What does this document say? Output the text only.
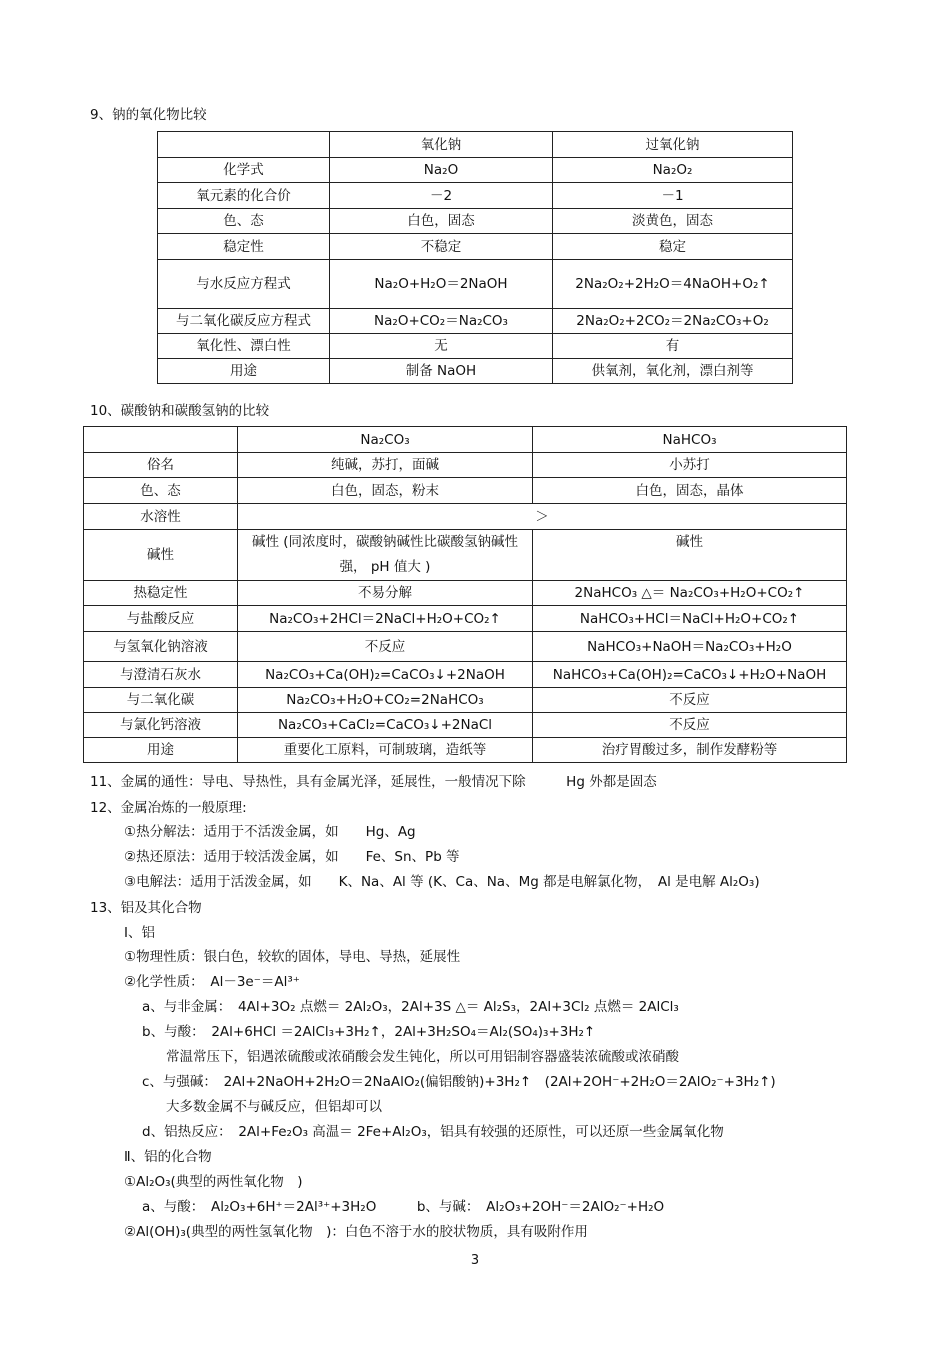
9、钠的氧化物比较
	氧化钠	过氧化钠
化学式	Na₂O	Na₂O₂
氧元素的化合价	－2	－1
色、态	白色，固态	淡黄色，固态
稳定性	不稳定	稳定
与水反应方程式	Na₂O+H₂O＝2NaOH	2Na₂O₂+2H₂O＝4NaOH+O₂↑
与二氧化碳反应方程式	Na₂O+CO₂＝Na₂CO₃	2Na₂O₂+2CO₂＝2Na₂CO₃+O₂
氧化性、漂白性	无	有
用途	制备 NaOH	供氧剂，氧化剂，漂白剂等
10、碳酸钠和碳酸氢钠的比较
	Na₂CO₃	NaHCO₃
俗名	纯碱，苏打，面碱	小苏打
色、态	白色，固态，粉末	白色，固态，晶体
水溶性	＞	
碱性	碱性 (同浓度时，碳酸钠碱性比碳酸氢钠碱性强， pH 值大 )	碱性
热稳定性	不易分解	2NaHCO₃ △＝ Na₂CO₃+H₂O+CO₂↑
与盐酸反应	Na₂CO₃+2HCl＝2NaCl+H₂O+CO₂↑	NaHCO₃+HCl＝NaCl+H₂O+CO₂↑
与氢氧化钠溶液	不反应	NaHCO₃+NaOH＝Na₂CO₃+H₂O
与澄清石灰水	Na₂CO₃+Ca(OH)₂=CaCO₃↓+2NaOH	NaHCO₃+Ca(OH)₂=CaCO₃↓+H₂O+NaOH
与二氧化碳	Na₂CO₃+H₂O+CO₂=2NaHCO₃	不反应
与氯化钙溶液	Na₂CO₃+CaCl₂=CaCO₃↓+2NaCl	不反应
用途	重要化工原料，可制玻璃，造纸等	治疗胃酸过多，制作发酵粉等
11、金属的通性：导电、导热性，具有金属光泽，延展性，一般情况下除　　　Hg 外都是固态
12、金属冶炼的一般原理:
①热分解法：适用于不活泼金属，如　　Hg、Ag
②热还原法：适用于较活泼金属，如　　Fe、Sn、Pb 等
③电解法：适用于活泼金属，如　　K、Na、Al 等 (K、Ca、Na、Mg 都是电解氯化物，　Al 是电解 Al₂O₃)
13、铝及其化合物
Ⅰ、铝
①物理性质：银白色，较软的固体，导电、导热，延展性
②化学性质：　Al－3e⁻＝Al³⁺
a、与非金属：　4Al+3O₂ 点燃＝ 2Al₂O₃，2Al+3S △＝ Al₂S₃，2Al+3Cl₂ 点燃＝ 2AlCl₃
b、与酸：　2Al+6HCl ＝2AlCl₃+3H₂↑，2Al+3H₂SO₄＝Al₂(SO₄)₃+3H₂↑
常温常压下，铝遇浓硫酸或浓硝酸会发生钝化，所以可用铝制容器盛装浓硫酸或浓硝酸
c、与强碱：　2Al+2NaOH+2H₂O＝2NaAlO₂(偏铝酸钠)+3H₂↑　(2Al+2OH⁻+2H₂O＝2AlO₂⁻+3H₂↑)
大多数金属不与碱反应，但铝却可以
d、铝热反应：　2Al+Fe₂O₃ 高温＝ 2Fe+Al₂O₃，铝具有较强的还原性，可以还原一些金属氧化物
Ⅱ、铝的化合物
①Al₂O₃(典型的两性氧化物　)
a、与酸：　Al₂O₃+6H⁺＝2Al³⁺+3H₂O　　　b、与碱：　Al₂O₃+2OH⁻＝2AlO₂⁻+H₂O
②Al(OH)₃(典型的两性氢氧化物　)：白色不溶于水的胶状物质，具有吸附作用
3
